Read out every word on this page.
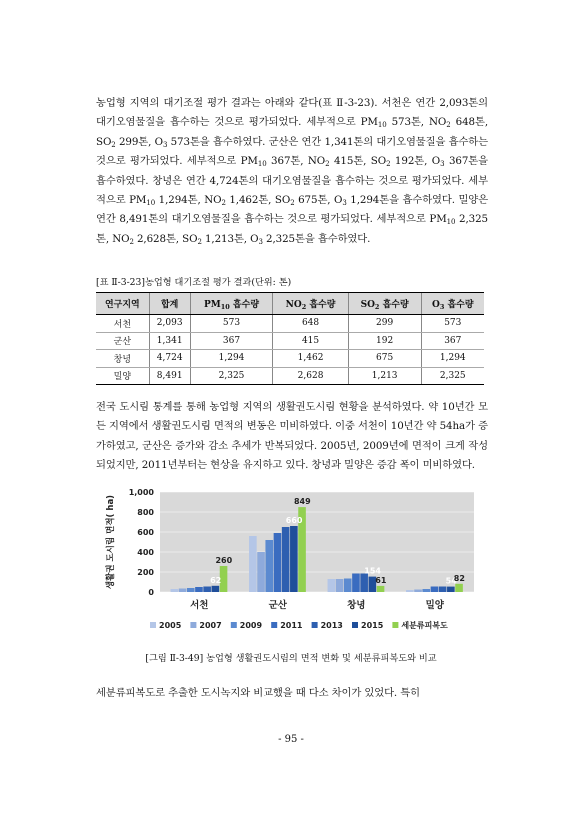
농업형 지역의 대기조절 평가 결과는 아래와 같다(표 Ⅱ-3-23). 서천은 연간 2,093톤의 대기오염물질을 흡수하는 것으로 평가되었다. 세부적으로 $PM_{10}$ 573톤, $NO_2$ 648톤, $SO_2$ 299톤, $O_3$ 573톤을 흡수하였다. 군산은 연간 1,341톤의 대기오염물질을 흡수하는 것으로 평가되었다. 세부적으로 $PM_{10}$ 367톤, $NO_2$ 415톤, $SO_2$ 192톤, $O_3$ 367톤을 흡수하였다. 창녕은 연간 4,724톤의 대기오염물질을 흡수하는 것으로 평가되었다. 세부적으로 $PM_{10}$ 1,294톤, $NO_2$ 1,462톤, $SO_2$ 675톤, $O_3$ 1,294톤을 흡수하였다. 밀양은 연간 8,491톤의 대기오염물질을 흡수하는 것으로 평가되었다. 세부적으로 $PM_{10}$ 2,325톤, $NO_2$ 2,628톤, $SO_2$ 1,213톤, $O_3$ 2,325톤을 흡수하였다.
[표 Ⅱ-3-23]농업형 대기조절 평가 결과(단위: 톤)
연구지역	합계	$PM_{10}$ 흡수량	$NO_2$ 흡수량	$SO_2$ 흡수량	$O_3$ 흡수량
서천	2,093	573	648	299	573
군산	1,341	367	415	192	367
창녕	4,724	1,294	1,462	675	1,294
밀양	8,491	2,325	2,628	1,213	2,325
전국 도시림 통계를 통해 농업형 지역의 생활권도시림 현황을 분석하였다. 약 10년간 모든 지역에서 생활권도시림 면적의 변동은 미비하였다. 이중 서천이 10년간 약 54ha가 증가하였고, 군산은 증가와 감소 추세가 반복되었다. 2005년, 2009년에 면적이 크게 작성되었지만, 2011년부터는 현상을 유지하고 있다. 창녕과 밀양은 증감 폭이 미비하였다.
0
200
400
600
800
1,000
생활권 도시림 면적( ha)
서천	군산	창녕	밀양
260
62
849
660
154
61	54
82
2005 2007 2009 2011 2013 2015 세분류피복도
[그림 Ⅱ-3-49] 농업형 생활권도시림의 면적 변화 및 세분류피복도와 비교
세분류피복도로 추출한 도시녹지와 비교했을 때 다소 차이가 있었다. 특히
- 95 -
